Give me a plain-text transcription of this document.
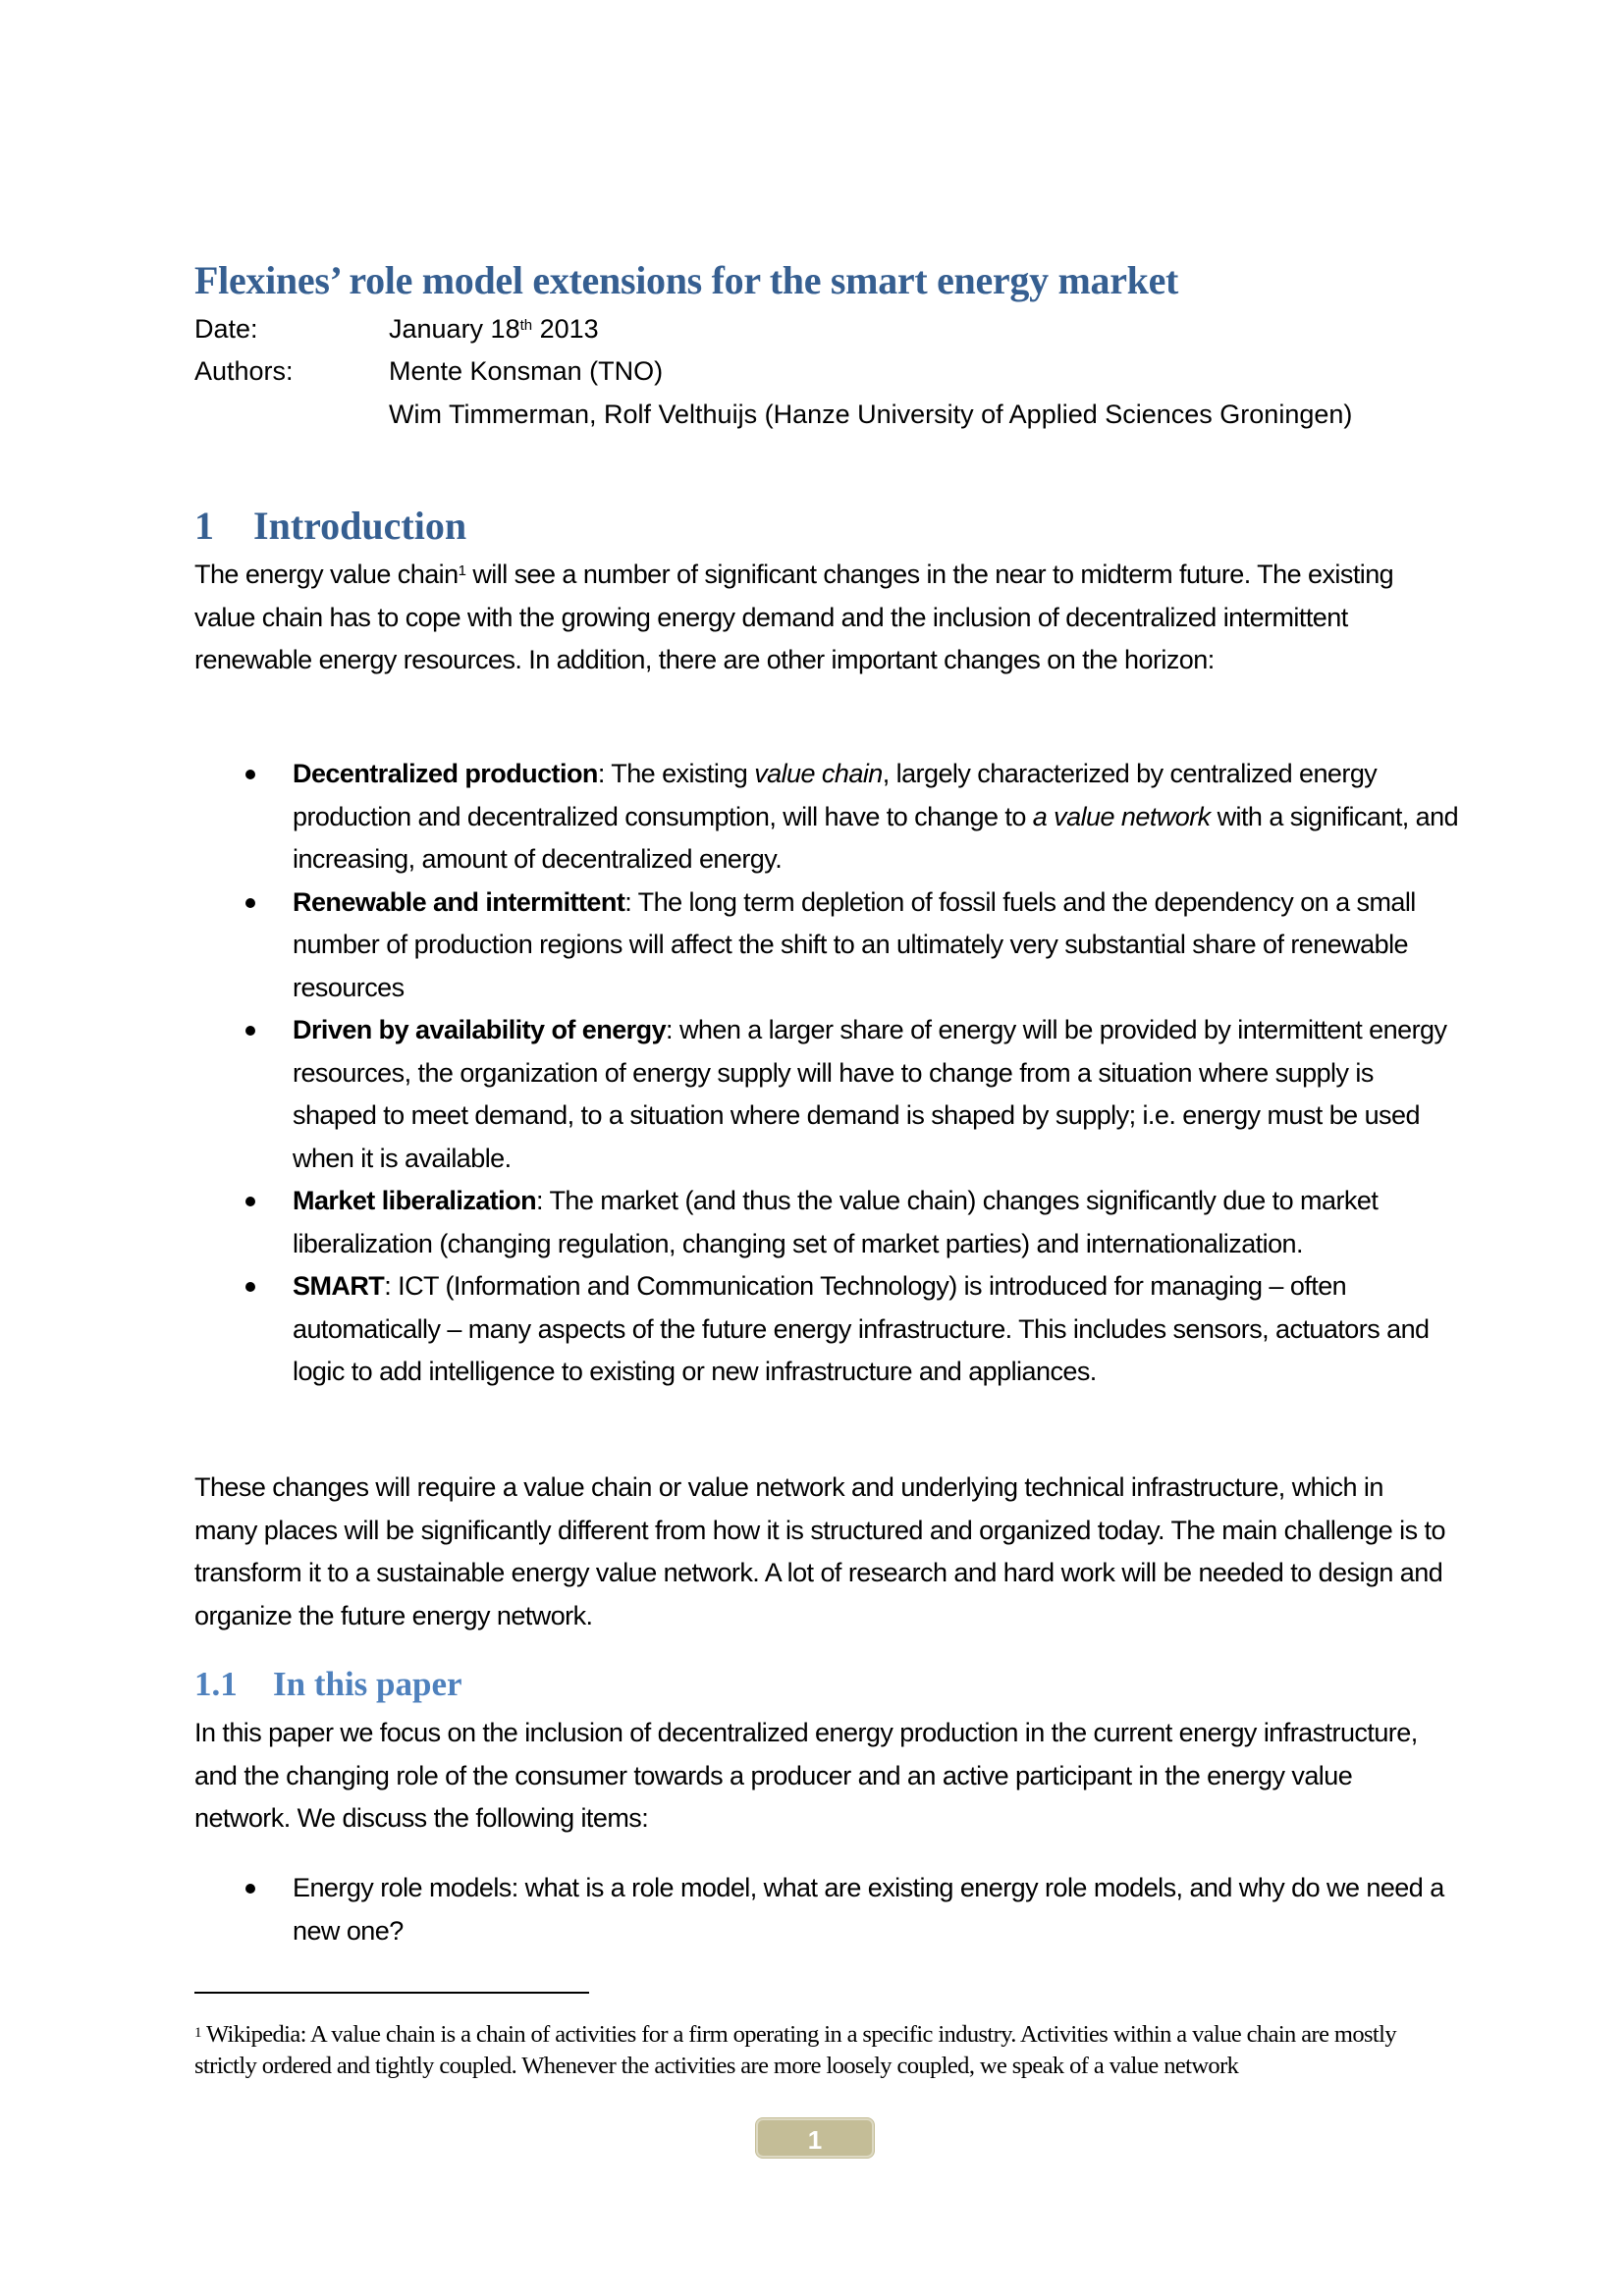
Flexines’ role model extensions for the smart energy market
Date:	January 18th 2013
Authors:	Mente Konsman (TNO)
Wim Timmerman, Rolf Velthuijs (Hanze University of Applied Sciences Groningen)
1 Introduction
The energy value chain$^1$ will see a number of significant changes in the near to midterm future. The existing value chain has to cope with the growing energy demand and the inclusion of decentralized intermittent renewable energy resources. In addition, there are other important changes on the horizon:
Decentralized production: The existing value chain, largely characterized by centralized energy production and decentralized consumption, will have to change to a value network with a significant, and increasing, amount of decentralized energy.
Renewable and intermittent: The long term depletion of fossil fuels and the dependency on a small number of production regions will affect the shift to an ultimately very substantial share of renewable resources
Driven by availability of energy: when a larger share of energy will be provided by intermittent energy resources, the organization of energy supply will have to change from a situation where supply is shaped to meet demand, to a situation where demand is shaped by supply; i.e. energy must be used when it is available.
Market liberalization: The market (and thus the value chain) changes significantly due to market liberalization (changing regulation, changing set of market parties) and internationalization.
SMART: ICT (Information and Communication Technology) is introduced for managing – often automatically – many aspects of the future energy infrastructure. This includes sensors, actuators and logic to add intelligence to existing or new infrastructure and appliances.
These changes will require a value chain or value network and underlying technical infrastructure, which in many places will be significantly different from how it is structured and organized today. The main challenge is to transform it to a sustainable energy value network. A lot of research and hard work will be needed to design and organize the future energy network.
1.1 In this paper
In this paper we focus on the inclusion of decentralized energy production in the current energy infrastructure, and the changing role of the consumer towards a producer and an active participant in the energy value network. We discuss the following items:
Energy role models: what is a role model, what are existing energy role models, and why do we need a new one?
$^1$ Wikipedia: A value chain is a chain of activities for a firm operating in a specific industry. Activities within a value chain are mostly strictly ordered and tightly coupled. Whenever the activities are more loosely coupled, we speak of a value network
1
